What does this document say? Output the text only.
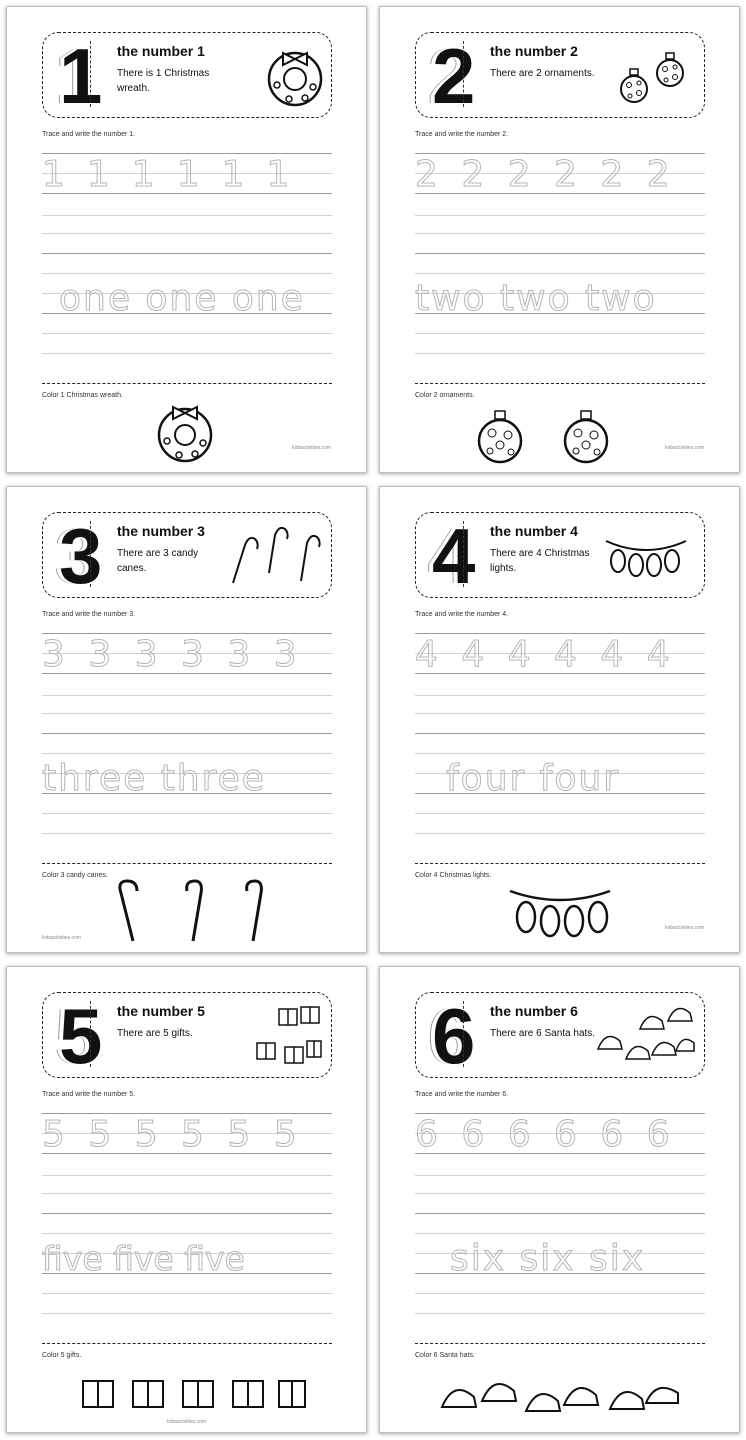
1 the number 1
There is 1 Christmas wreath.
Trace and write the number 1.
111111
one one one
Color 1 Christmas wreath.
kidsactivities.com
2 the number 2
There are 2 ornaments.
Trace and write the number 2.
2 2 2 2 2 2
two two two
Color 2 ornaments.
kidsactivities.com
3 the number 3
There are 3 candy canes.
Trace and write the number 3.
3 3 3 3 3 3
three three
Color 3 candy canes.
kidsactivities.com
4 the number 4
There are 4 Christmas lights.
Trace and write the number 4.
4 4 4 4 4 4
four four
Color 4 Christmas lights.
kidsactivities.com
5 the number 5
There are 5 gifts.
Trace and write the number 5.
5 5 5 5 5 5
five five five
Color 5 gifts.
kidsactivities.com
6 the number 6
There are 6 Santa hats.
Trace and write the number 6.
6 6 6 6 6 6
six six six
Color 6 Santa hats.
